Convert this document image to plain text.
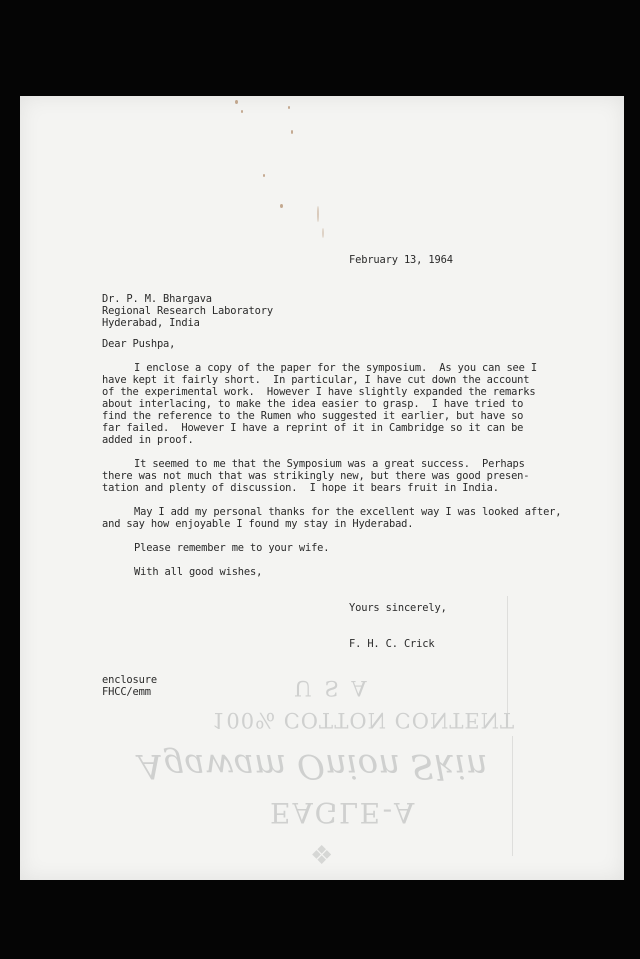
U S A
100% COTTON CONTENT
Agawam Onion Skin
EAGLE-A
❖
February 13, 1964
Dr. P. M. Bhargava
Regional Research Laboratory
Hyderabad, India
Dear Pushpa,
I enclose a copy of the paper for the symposium.  As you can see I
have kept it fairly short.  In particular, I have cut down the account
of the experimental work.  However I have slightly expanded the remarks
about interlacing, to make the idea easier to grasp.  I have tried to
find the reference to the Rumen who suggested it earlier, but have so
far failed.  However I have a reprint of it in Cambridge so it can be
added in proof.
It seemed to me that the Symposium was a great success.  Perhaps
there was not much that was strikingly new, but there was good presen-
tation and plenty of discussion.  I hope it bears fruit in India.
May I add my personal thanks for the excellent way I was looked after,
and say how enjoyable I found my stay in Hyderabad.
Please remember me to your wife.
With all good wishes,
Yours sincerely,
F. H. C. Crick
enclosure
FHCC/emm
